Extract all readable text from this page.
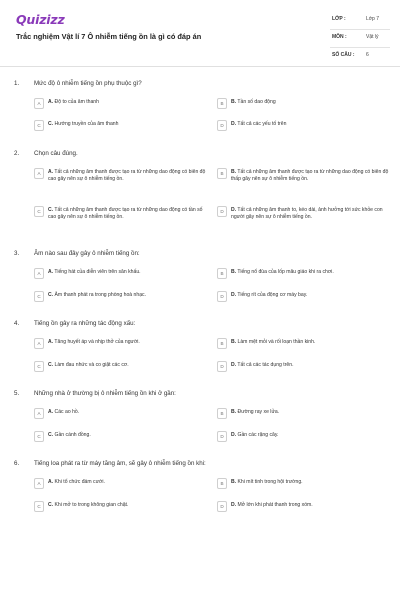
Quizizz
Trắc nghiệm Vật lí 7 Ô nhiễm tiếng ồn là gì có đáp án
LỚP :	Lớp 7
MÔN :	Vật lý
SỐ CÂU : 6
1. Mức độ ô nhiễm tiếng ồn phụ thuộc gì?
A	A. Độ to của âm thanh	B	B. Tần số dao động
C	C. Hướng truyền của âm thanh	D	D. Tất cả các yếu tố trên
2. Chọn câu đúng.
A	A. Tất cả những âm thanh được tạo ra từ những dao động có biên độ cao gây nên sự ô nhiễm tiếng ồn.
B	B. Tất cả những âm thanh được tạo ra từ những dao động có biên độ thấp gây nên sự ô nhiễm tiếng ồn.
C	C. Tất cả những âm thanh được tạo ra từ những dao động có tần số cao gây nên sự ô nhiễm tiếng ồn.
D	D. Tất cả những âm thanh to, kéo dài, ảnh hưởng tới sức khỏe con người gây nên sự ô nhiễm tiếng ồn.
3. Âm nào sau đây gây ô nhiễm tiếng ồn:
A	A. Tiếng hát của diễn viên trên sân khấu.	B	B. Tiếng nổ đùa của lốp mâu giáo khi ra chơi.
C	C. Âm thanh phát ra trong phòng hoà nhạc.	D	D. Tiếng rít của động cơ máy bay.
4. Tiếng ồn gây ra những tác động xấu:
A	A. Tăng huyết áp và nhịp thở của người.	B	B. Làm mệt mỏi và rối loạn thần kinh.
C	C. Làm đau nhức và co giật các cơ.	D	D. Tất cả các tác dụng trên.
5. Những nhà ở thường bị ô nhiễm tiếng ồn khi ở gần:
A	A. Các ao hồ.	B	B. Đường ray xe lửa.
C	C. Gần cánh đồng.	D	D. Gần các rặng cây.
6. Tiếng loa phát ra từ máy tăng âm, sẽ gây ô nhiễm tiếng ồn khi:
A	A. Khi tổ chức đám cưới.	B	B. Khi mít tinh trong hội trường.
C	C. Khi mở to trong không gian chật.	D	D. Mở lớn khi phát thanh trong xóm.
